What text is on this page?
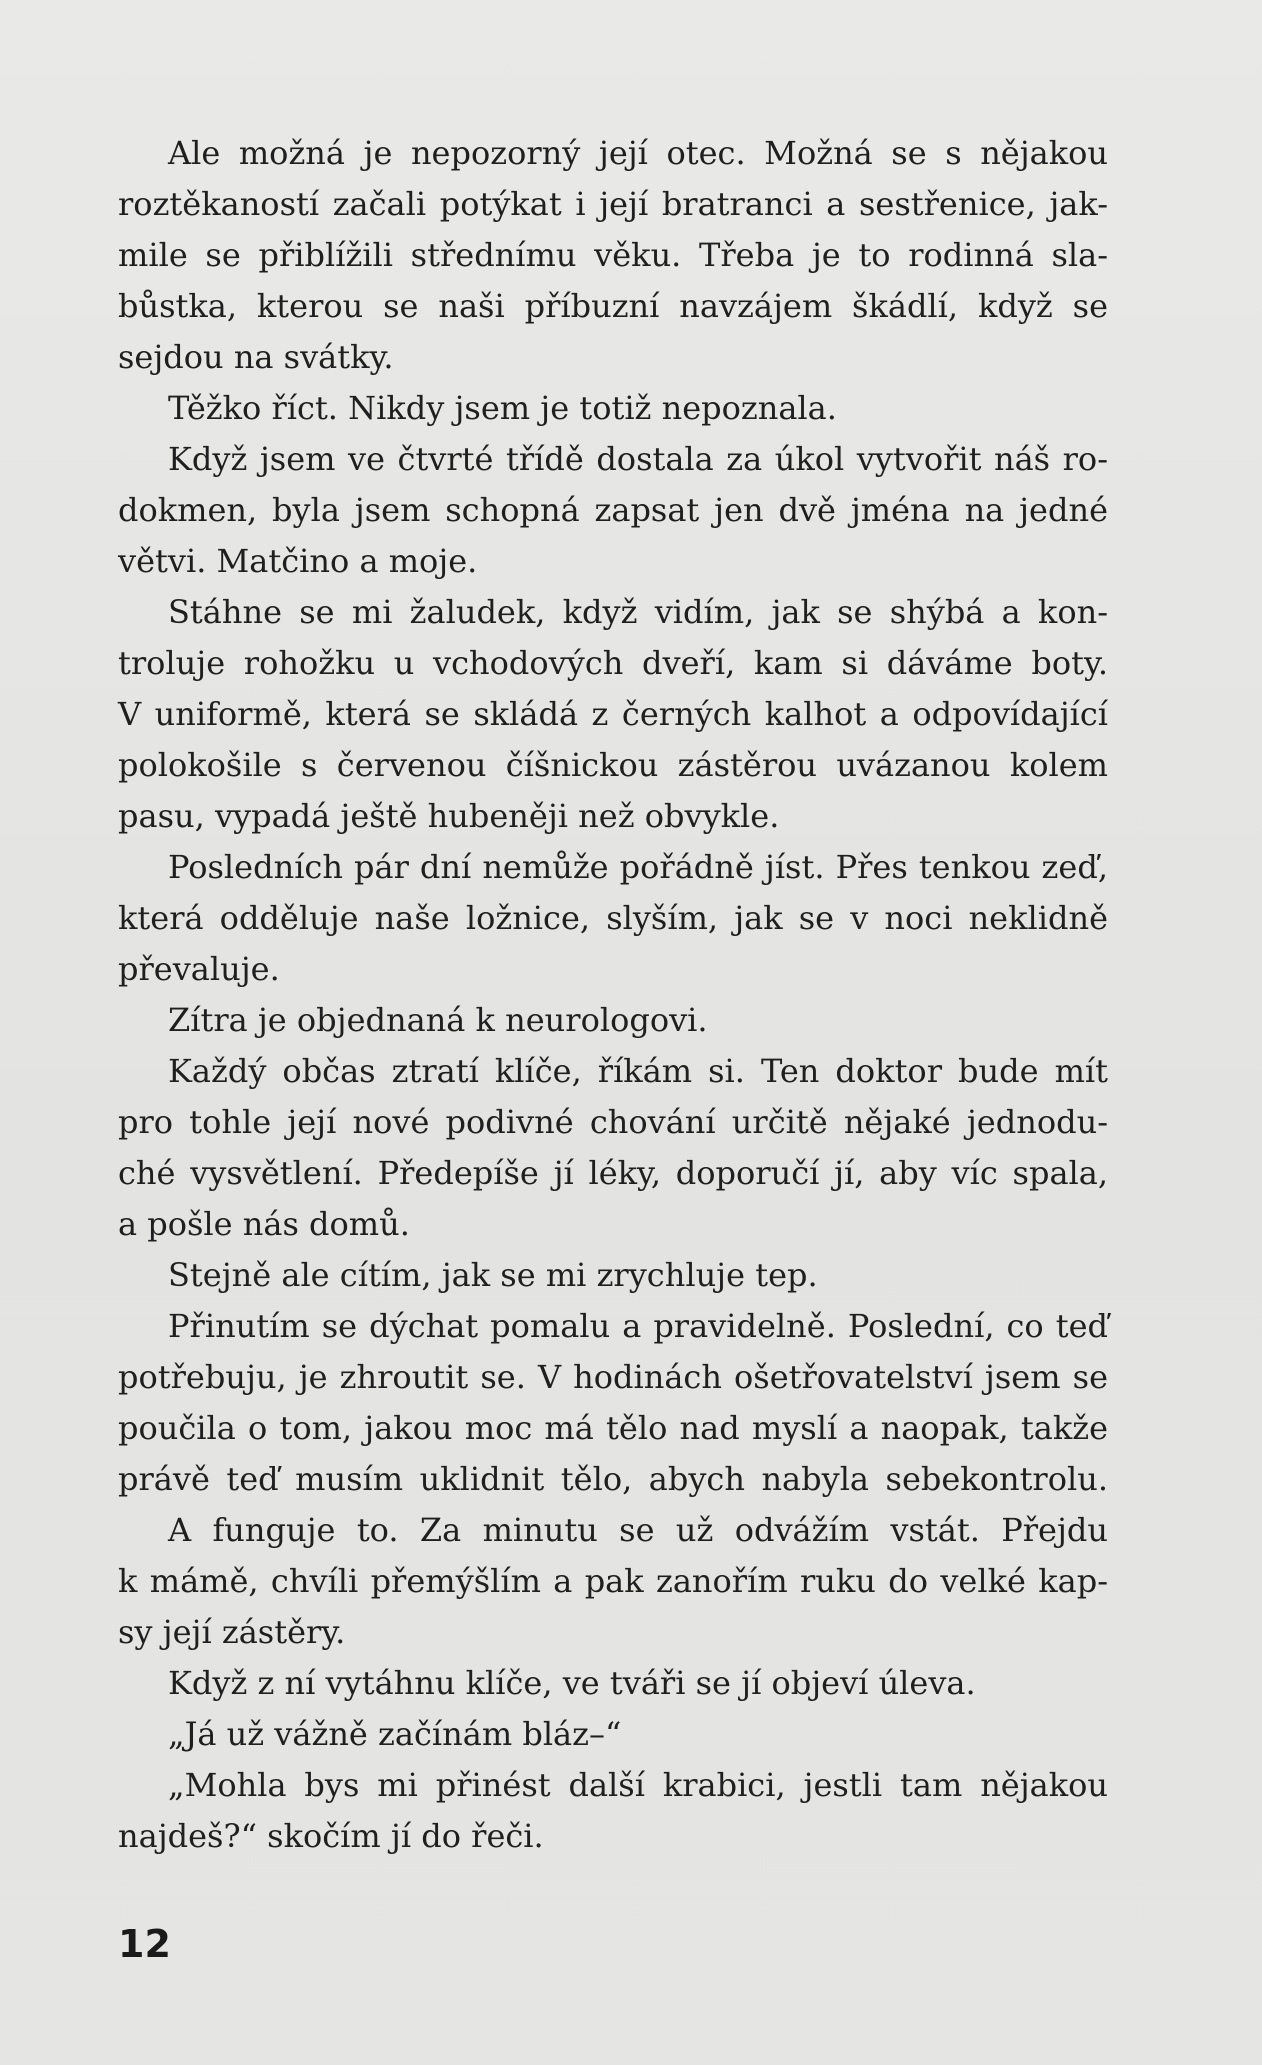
Ale možná je nepozorný její otec. Možná se s nějakou
roztěkaností začali potýkat i její bratranci a sestřenice, jak-
mile se přiblížili střednímu věku. Třeba je to rodinná sla-
bůstka, kterou se naši příbuzní navzájem škádlí, když se
sejdou na svátky.
Těžko říct. Nikdy jsem je totiž nepoznala.
Když jsem ve čtvrté třídě dostala za úkol vytvořit náš ro-
dokmen, byla jsem schopná zapsat jen dvě jména na jedné
větvi. Matčino a moje.
Stáhne se mi žaludek, když vidím, jak se shýbá a kon-
troluje rohožku u vchodových dveří, kam si dáváme boty.
V uniformě, která se skládá z černých kalhot a odpovídající
polokošile s červenou číšnickou zástěrou uvázanou kolem
pasu, vypadá ještě hubeněji než obvykle.
Posledních pár dní nemůže pořádně jíst. Přes tenkou zeď,
která odděluje naše ložnice, slyším, jak se v noci neklidně
převaluje.
Zítra je objednaná k neurologovi.
Každý občas ztratí klíče, říkám si. Ten doktor bude mít
pro tohle její nové podivné chování určitě nějaké jednodu-
ché vysvětlení. Předepíše jí léky, doporučí jí, aby víc spala,
a pošle nás domů.
Stejně ale cítím, jak se mi zrychluje tep.
Přinutím se dýchat pomalu a pravidelně. Poslední, co teď
potřebuju, je zhroutit se. V hodinách ošetřovatelství jsem se
poučila o tom, jakou moc má tělo nad myslí a naopak, takže
právě teď musím uklidnit tělo, abych nabyla sebekontrolu.
A funguje to. Za minutu se už odvážím vstát. Přejdu
k mámě, chvíli přemýšlím a pak zanořím ruku do velké kap-
sy její zástěry.
Když z ní vytáhnu klíče, ve tváři se jí objeví úleva.
„Já už vážně začínám bláz–“
„Mohla bys mi přinést další krabici, jestli tam nějakou
najdeš?“ skočím jí do řeči.
12
